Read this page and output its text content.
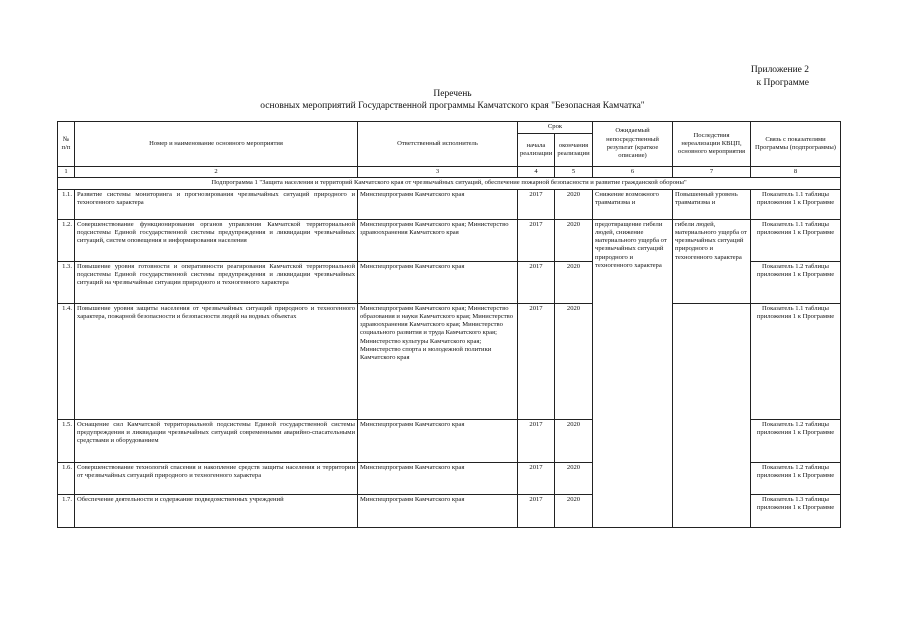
Приложение 2
к Программе
Перечень
основных мероприятий Государственной программы Камчатского края "Безопасная Камчатка"
№ п/п	Номер и наименование основного мероприятия	Ответственный исполнитель	Срок		Ожидаемый непосредственный результат (краткое описание)	Последствия нереализации КВЦП, основного мероприятия	Связь с показателями Программы (подпрограммы)
			начала реализации	окончания реализации			
1	2	3	4	5	6	7	8
Подпрограмма 1 "Защита населения и территорий Камчатского края от чрезвычайных ситуаций, обеспечение пожарной безопасности и развитие гражданской обороны"							
1.1.	Развитие системы мониторинга и прогнозирования чрезвычайных ситуаций природного и техногенного характера	Минспецпрограмм Камчатского края	2017	2020	Снижение возможного травматизма и	Повышенный уровень травматизма и	Показатель 1.1 таблицы приложения 1 к Программе
1.2.	Совершенствование функционирования органов управления Камчатской территориальной подсистемы Единой государственной системы предупреждения и ликвидации чрезвычайных ситуаций, систем оповещения и информирования населения	Минспецпрограмм Камчатского края; Министерство здравоохранения Камчатского края	2017	2020	предотвращение гибели людей, снижение материального ущерба от чрезвычайных ситуаций природного и техногенного характера	гибели людей, материального ущерба от чрезвычайных ситуаций природного и техногенного характера	Показатель 1.1 таблицы приложения 1 к Программе
1.3.	Повышение уровня готовности и оперативности реагирования Камчатской территориальной подсистемы Единой государственной системы предупреждения и ликвидации чрезвычайных ситуаций на чрезвычайные ситуации природного и техногенного характера	Минспецпрограмм Камчатского края	2017	2020			Показатель 1.2 таблицы приложения 1 к Программе
1.4.	Повышение уровня защиты населения от чрезвычайных ситуаций природного и техногенного характера, пожарной безопасности и безопасности людей на водных объектах	Минспецпрограмм Камчатского края; Министерство образования и науки Камчатского края; Министерство здравоохранения Камчатского края; Министерство социального развития и труда Камчатского края; Министерство культуры Камчатского края; Министерство спорта и молодежной политики Камчатского края	2017	2020			Показатель 1.1 таблицы приложения 1 к Программе
1.5.	Оснащение сил Камчатской территориальной подсистемы Единой государственной системы предупреждения и ликвидации чрезвычайных ситуаций современными аварийно-спасательными средствами и оборудованием	Минспецпрограмм Камчатского края	2017	2020			Показатель 1.2 таблицы приложения 1 к Программе
1.6.	Совершенствование технологий спасения и накопление средств защиты населения и территории от чрезвычайных ситуаций природного и техногенного характера	Минспецпрограмм Камчатского края	2017	2020			Показатель 1.2 таблицы приложения 1 к Программе
1.7.	Обеспечение деятельности и содержание подведомственных учреждений	Минспецпрограмм Камчатского края	2017	2020			Показатель 1.3 таблицы приложения 1 к Программе
